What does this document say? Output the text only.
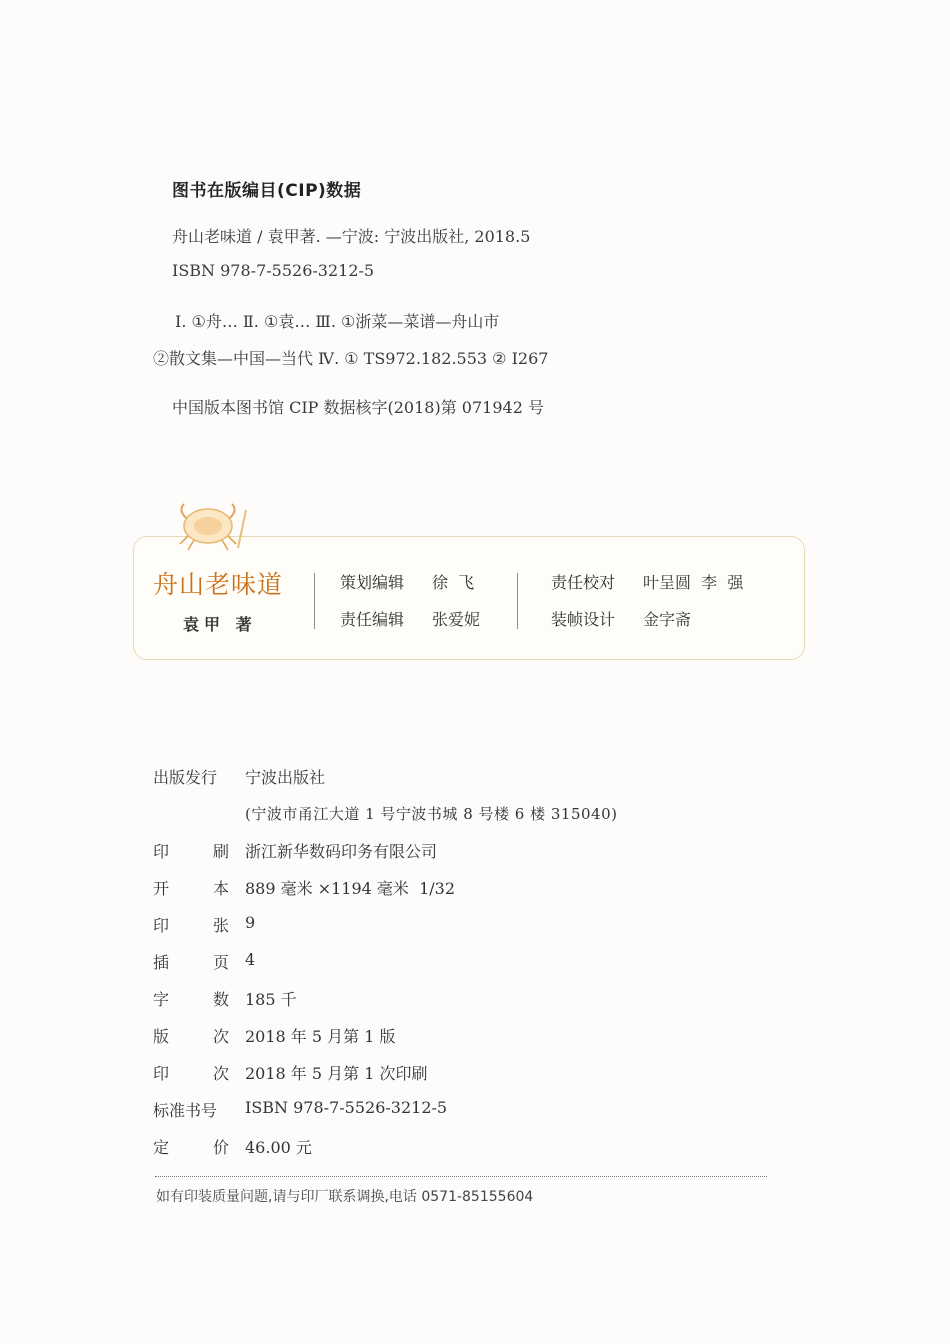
图书在版编目(CIP)数据
舟山老味道 / 袁甲著. —宁波: 宁波出版社, 2018.5
ISBN 978-7-5526-3212-5
Ⅰ. ①舟… Ⅱ. ①袁… Ⅲ. ①浙菜—菜谱—舟山市
②散文集—中国—当代 Ⅳ. ① TS972.182.553 ② I267
中国版本图书馆 CIP 数据核字(2018)第 071942 号
舟山老味道
袁甲 著
策划编辑 徐  飞
责任编辑 张爱妮
责任校对 叶呈圆  李  强
装帧设计 金字斋
出版发行 宁波出版社
(宁波市甬江大道 1 号宁波书城 8 号楼 6 楼 315040)
印	刷 浙江新华数码印务有限公司
开	本 889 毫米 ×1194 毫米  1/32
印	张 9
插	页 4
字	数 185 千
版	次 2018 年 5 月第 1 版
印	次 2018 年 5 月第 1 次印刷
标准书号 ISBN 978-7-5526-3212-5
定	价 46.00 元
如有印装质量问题,请与印厂联系调换,电话 0571-85155604
